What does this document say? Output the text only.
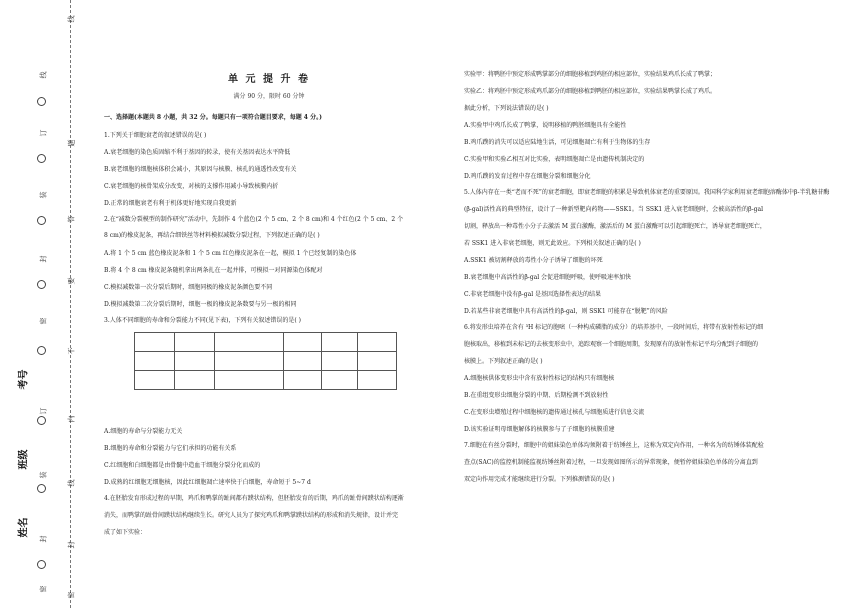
考号
班级
姓名
密
线
订
装
封
密
订
装
封
线
题
答
要
不
内
线
封
密
单 元 提 升 卷
满分 90 分，限时 60 分钟
一、选择题(本题共 8 小题，共 32 分。每题只有一项符合题目要求，每题 4 分。)
1.下列关于细胞衰老的叙述错误的是( )
A.衰老细胞的染色质固缩不利于基因的转录，使有关基因表达水平降低
B.衰老细胞的细胞核体积会减小，其原因与核膜、核孔的通透性改变有关
C.衰老细胞的核骨架成分改变，对核的支撑作用减小导致核膜内折
D.正常的细胞衰老有利于机体更好地实现自我更新
2.在“减数分裂模型的制作研究”活动中，先制作 4 个蓝色(2 个 5 cm、2 个 8 cm)和 4 个红色(2 个 5 cm、2 个
8 cm)的橡皮泥条，再结合细铁丝等材料模拟减数分裂过程，下列叙述正确的是( )
A.将 1 个 5 cm 蓝色橡皮泥条和 1 个 5 cm 红色橡皮泥条在一起，模拟 1 个已经复制的染色体
B.将 4 个 8 cm 橡皮泥条随机拿出两条扎在一起并排，可模拟一对同源染色体配对
C.模拟减数第一次分裂后期时，细胞同极的橡皮泥条颜色要不同
D.模拟减数第二次分裂后期时，细胞一极的橡皮泥条数要与另一极的相同
3.人体不同细胞的寿命和分裂能力不同(见下表)，下列有关叙述错误的是( )

A.细胞的寿命与分裂能力无关
B.细胞的寿命和分裂能力与它们承担的功能有关系
C.红细胞和白细胞都是由骨髓中造血干细胞分裂分化而成的
D.成熟的红细胞无细胞核，因此红细胞凋亡速率快于白细胞，寿命短于 5~7 d
4.在胚胎发育形成过程的早期，鸡爪和鸭掌的趾间都有蹼状结构，但胚胎发育的后期，鸡爪的趾骨间蹼状结构逐渐
消失，而鸭掌的趾骨间蹼状结构继续生长。研究人员为了探究鸡爪和鸭掌蹼状结构的形成和消失规律，设计并完
成了如下实验：
实验甲：将鸭胚中预定形成鸭掌部分的细胞移植到鸡胚的相应部位，实验结果鸡爪长成了鸭掌；
实验乙：将鸡胚中预定形成鸡爪部分的细胞移植到鸭胚的相应部位，实验结果鸭掌长成了鸡爪。
据此分析，下列说法错误的是( )
A.实验甲中鸡爪长成了鸭掌，说明移植的鸭胚细胞具有全能性
B.鸡爪蹼的消失可以适应陆地生活，可见细胞凋亡有利于生物体的生存
C.实验甲和实验乙相互对比实验，表明细胞凋亡是由遗传机制决定的
D.鸡爪蹼的发育过程中存在细胞分裂和细胞分化
5.人体内存在一类“老而不死”的衰老细胞，即衰老细胞的积累是导致机体衰老的重要原因。我国科学家利用衰老细胞溶酶体中β-半乳糖苷酶
(β-gal)活性高的典型特征，设计了一种新型靶向药物——SSK1。当 SSK1 进入衰老细胞时，会被高活性的β-gal
切割，释放出一种毒性小分子去激活 M 蛋白激酶，激活后的 M 蛋白激酶可以引起细胞死亡，诱导衰老细胞死亡，
若 SSK1 进入非衰老细胞，则无此效应。下列相关叙述正确的是( )
A.SSK1 被切割释放的毒性小分子诱导了细胞的坏死
B.衰老细胞中高活性的β-gal 会促进细胞呼吸，使呼吸速率加快
C.非衰老细胞中没有β-gal 是基因选择性表达的结果
D.若某些非衰老细胞中具有高活性的β-gal，则 SSK1 可能存在“脱靶”的风险
6.将发形虫培养在含有 ³H 标记的胞嘧（一种构成磷脂的成分）的培养基中，一段时间后，将带有放射性标记的细
胞核取出，移植到未标记的去核变形虫中，追踪观察一个细胞周期，发现原有的放射性标记平均分配到子细胞的
核膜上。下列叙述正确的是( )
A.细胞核供体变形虫中含有放射性标记的结构只有细胞核
B.在重组变形虫细胞分裂的中期、后期检测不到放射性
C.在变形虫增殖过程中细胞核的遗传通过核孔与细胞质进行信息交流
D.该实验证明母细胞解体的核膜参与了子细胞的核膜重建
7.细胞在有丝分裂时，细胞中的姐妹染色单体均须附着于纺锤丝上，这称为双定向作用，一种名为的纺锤体装配检
查点(SAC)的监控机制能监视纺锤丝附着过程，一旦发现如图所示的异常现象，便暂停姐妹染色单体的分离直到
双定向作用完成才能继续进行分裂。下列推测错误的是( )
